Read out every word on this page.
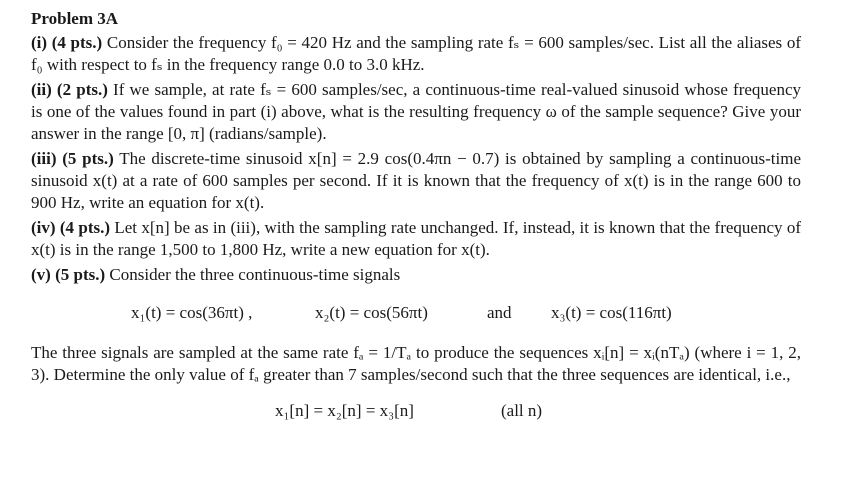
Problem 3A
(i) (4 pts.) Consider the frequency f₀ = 420 Hz and the sampling rate fₛ = 600 samples/sec. List all the aliases of f₀ with respect to fₛ in the frequency range 0.0 to 3.0 kHz.
(ii) (2 pts.) If we sample, at rate fₛ = 600 samples/sec, a continuous-time real-valued sinusoid whose frequency is one of the values found in part (i) above, what is the resulting frequency ω of the sample sequence? Give your answer in the range [0, π] (radians/sample).
(iii) (5 pts.) The discrete-time sinusoid x[n] = 2.9 cos(0.4πn − 0.7) is obtained by sampling a continuous-time sinusoid x(t) at a rate of 600 samples per second. If it is known that the frequency of x(t) is in the range 600 to 900 Hz, write an equation for x(t).
(iv) (4 pts.) Let x[n] be as in (iii), with the sampling rate unchanged. If, instead, it is known that the frequency of x(t) is in the range 1,500 to 1,800 Hz, write a new equation for x(t).
(v) (5 pts.) Consider the three continuous-time signals
x₁(t) = cos(36πt) ,	x₂(t) = cos(56πt)	and x₃(t) = cos(116πt)
The three signals are sampled at the same rate fₐ = 1/Tₐ to produce the sequences xᵢ[n] = xᵢ(nTₐ) (where i = 1, 2, 3). Determine the only value of fₐ greater than 7 samples/second such that the three sequences are identical, i.e.,
x₁[n] = x₂[n] = x₃[n]	(all n)
